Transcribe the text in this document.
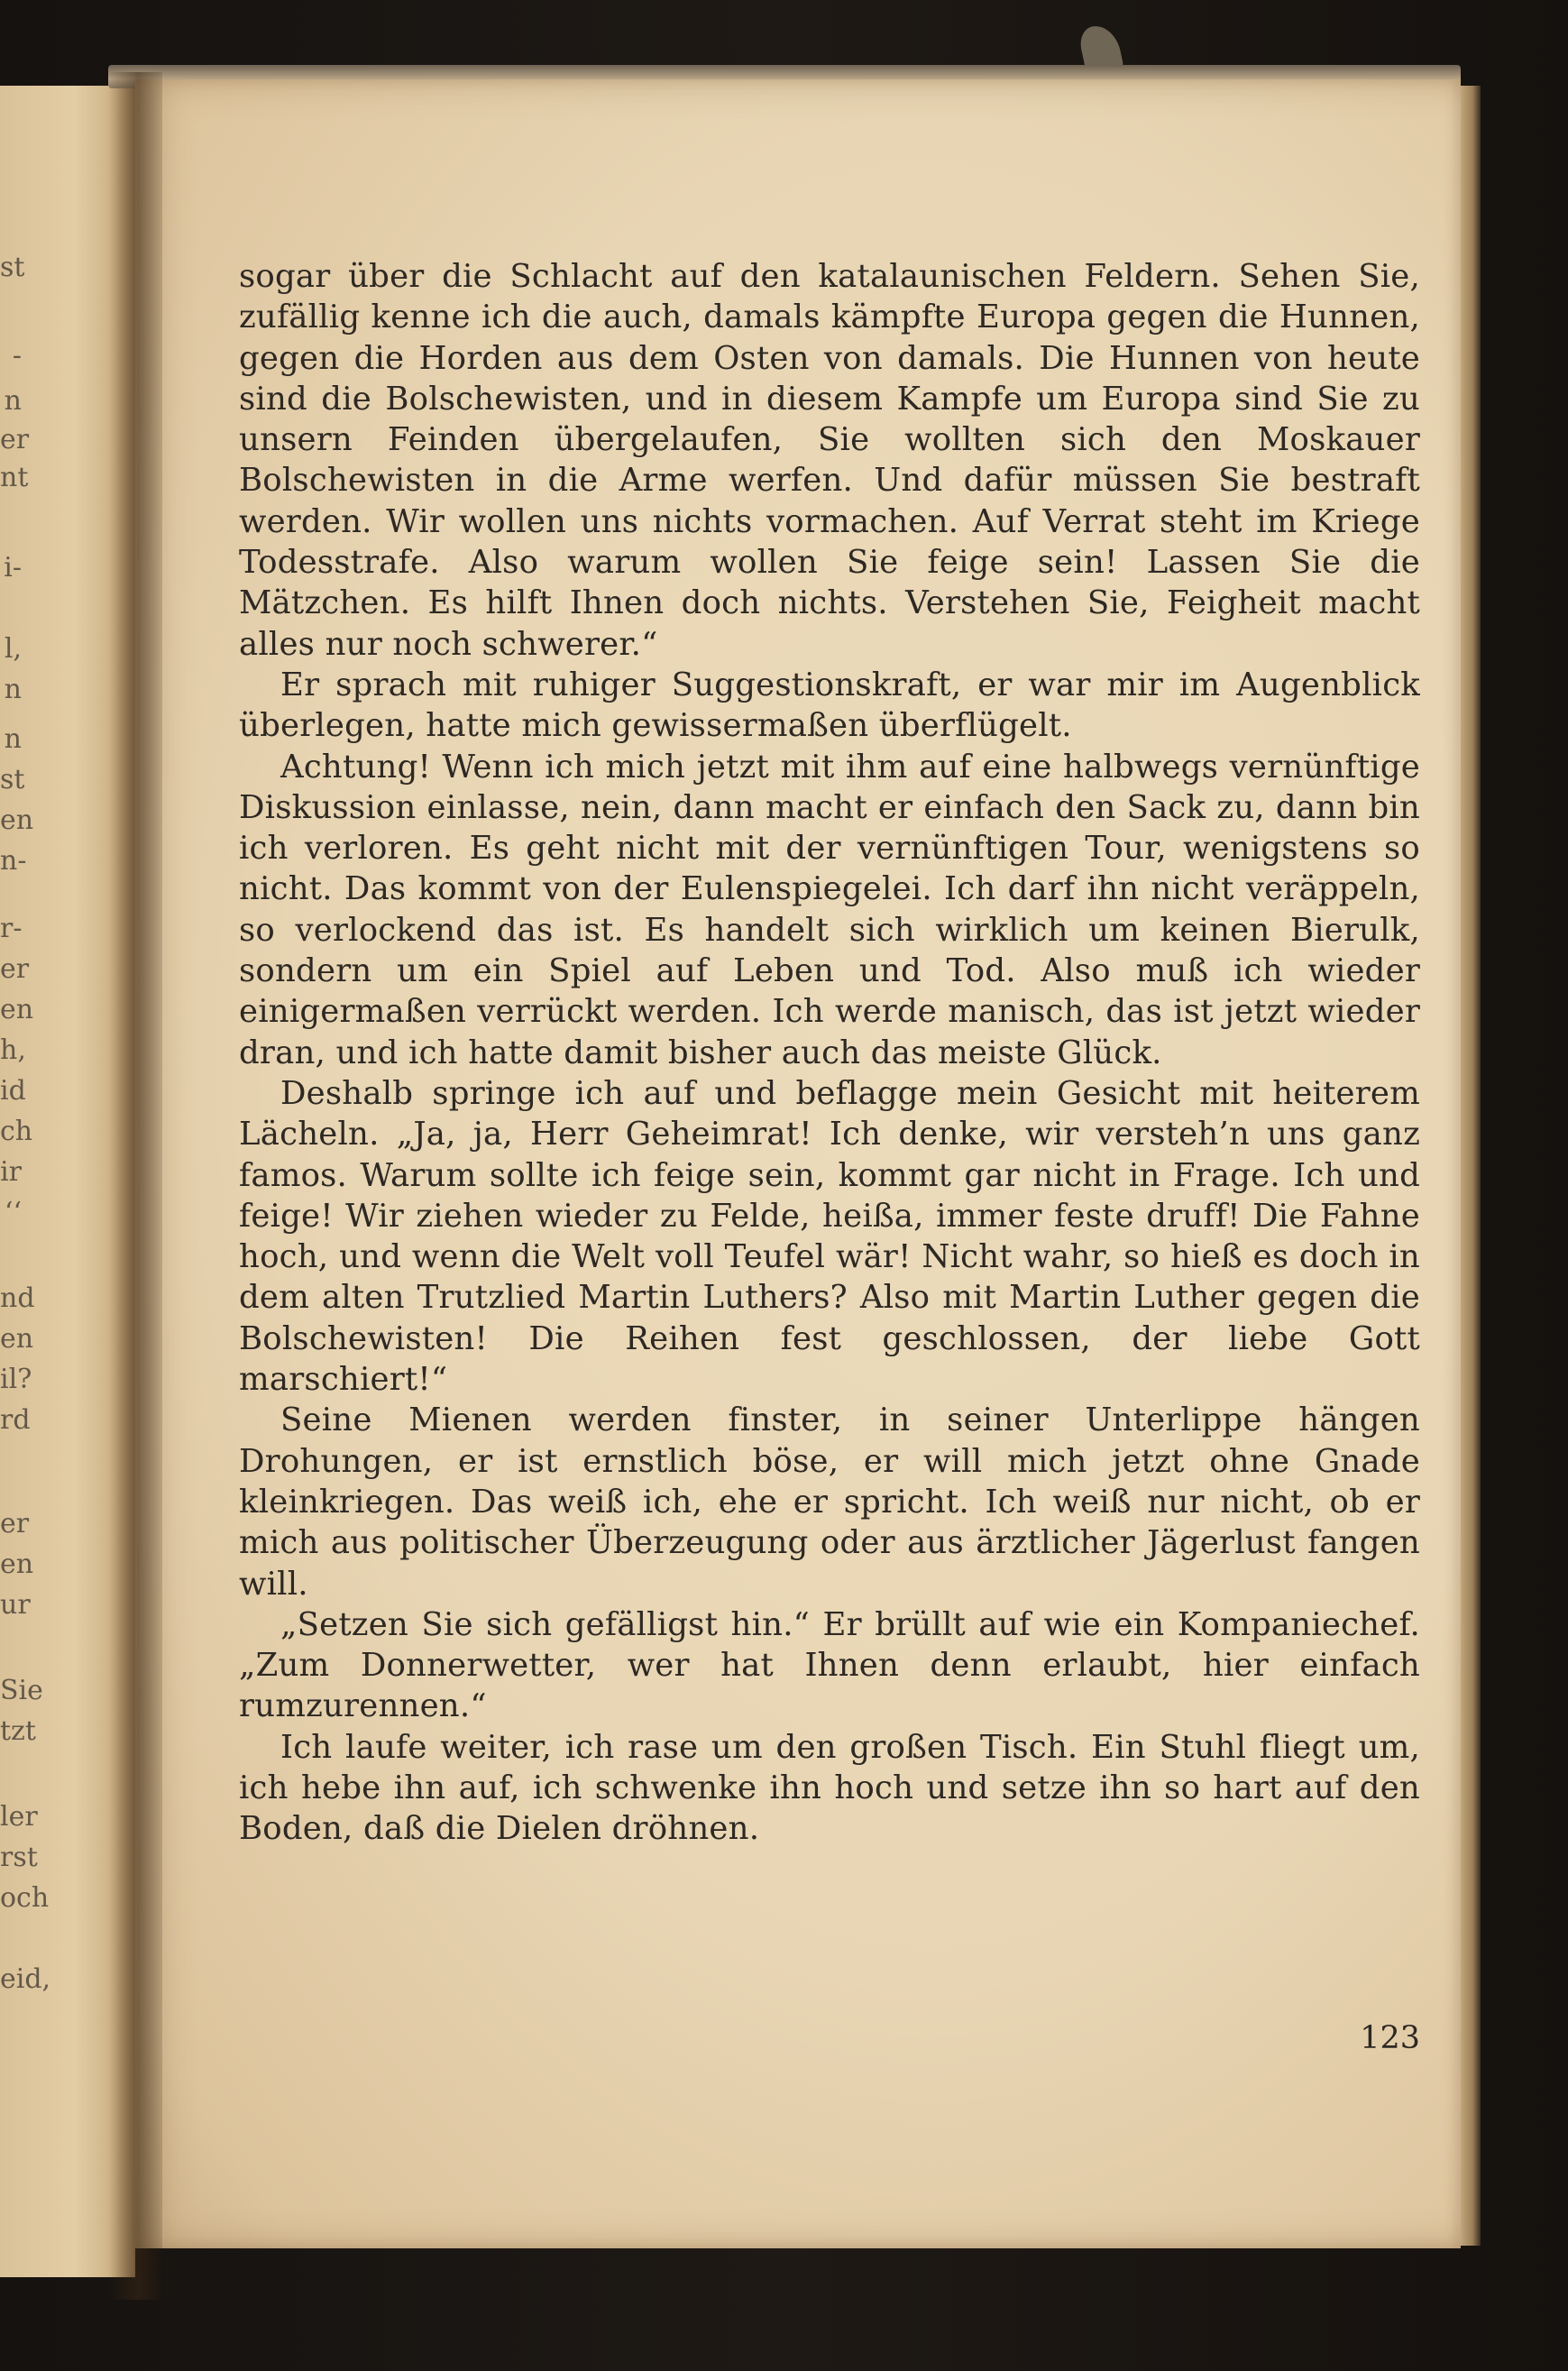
st
-
n
er
nt
i-
l,
n
n
st
en
n-
r-
er
en
h,
id
ch
ir
‘‘
nd
en
il?
rd
er
en
ur
Sie
tzt
ler
rst
och
eid,

sogar über die Schlacht auf den katalaunischen Feldern. Sehen Sie, zufällig kenne ich die auch, damals kämpfte Europa gegen die Hunnen, gegen die Horden aus dem Osten von damals. Die Hunnen von heute sind die Bolschewisten, und in diesem Kampfe um Europa sind Sie zu unsern Feinden übergelaufen, Sie wollten sich den Moskauer Bolschewisten in die Arme werfen. Und dafür müssen Sie bestraft werden. Wir wollen uns nichts vormachen. Auf Verrat steht im Kriege Todesstrafe. Also warum wollen Sie feige sein! Lassen Sie die Mätzchen. Es hilft Ihnen doch nichts. Verstehen Sie, Feigheit macht alles nur noch schwerer.“

Er sprach mit ruhiger Suggestionskraft, er war mir im Augenblick überlegen, hatte mich gewissermaßen überflügelt.

Achtung! Wenn ich mich jetzt mit ihm auf eine halbwegs vernünftige Diskussion einlasse, nein, dann macht er einfach den Sack zu, dann bin ich verloren. Es geht nicht mit der vernünftigen Tour, wenigstens so nicht. Das kommt von der Eulenspiegelei. Ich darf ihn nicht veräppeln, so verlockend das ist. Es handelt sich wirklich um keinen Bierulk, sondern um ein Spiel auf Leben und Tod. Also muß ich wieder einigermaßen verrückt werden. Ich werde manisch, das ist jetzt wieder dran, und ich hatte damit bisher auch das meiste Glück.

Deshalb springe ich auf und beflagge mein Gesicht mit heiterem Lächeln. „Ja, ja, Herr Geheimrat! Ich denke, wir versteh’n uns ganz famos. Warum sollte ich feige sein, kommt gar nicht in Frage. Ich und feige! Wir ziehen wieder zu Felde, heißa, immer feste druff! Die Fahne hoch, und wenn die Welt voll Teufel wär! Nicht wahr, so hieß es doch in dem alten Trutzlied Martin Luthers? Also mit Martin Luther gegen die Bolschewisten! Die Reihen fest geschlossen, der liebe Gott marschiert!“

Seine Mienen werden finster, in seiner Unterlippe hängen Drohungen, er ist ernstlich böse, er will mich jetzt ohne Gnade kleinkriegen. Das weiß ich, ehe er spricht. Ich weiß nur nicht, ob er mich aus politischer Überzeugung oder aus ärztlicher Jägerlust fangen will.

„Setzen Sie sich gefälligst hin.“ Er brüllt auf wie ein Kompaniechef. „Zum Donnerwetter, wer hat Ihnen denn erlaubt, hier einfach rumzurennen.“

Ich laufe weiter, ich rase um den großen Tisch. Ein Stuhl fliegt um, ich hebe ihn auf, ich schwenke ihn hoch und setze ihn so hart auf den Boden, daß die Dielen dröhnen.

123
